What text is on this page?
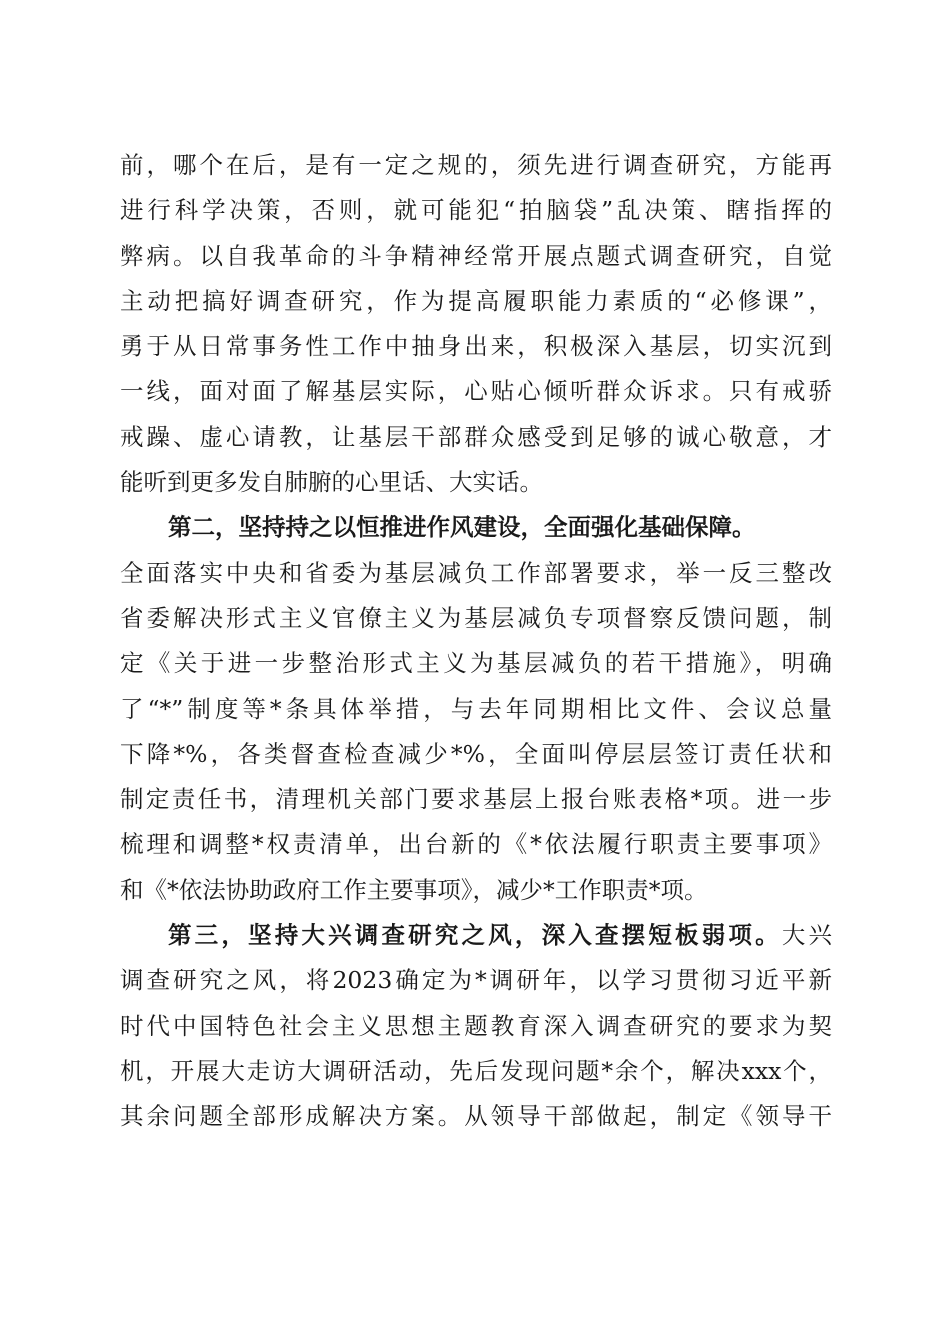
前，哪个在后，是有一定之规的，须先进行调查研究，方能再
进行科学决策，否则，就可能犯“拍脑袋”乱决策、瞎指挥的
弊病。以自我革命的斗争精神经常开展点题式调查研究，自觉
主动把搞好调查研究，作为提高履职能力素质的“必修课”，
勇于从日常事务性工作中抽身出来，积极深入基层，切实沉到
一线，面对面了解基层实际，心贴心倾听群众诉求。只有戒骄
戒躁、虚心请教，让基层干部群众感受到足够的诚心敬意，才
能听到更多发自肺腑的心里话、大实话。
第二，坚持持之以恒推进作风建设，全面强化基础保障。
全面落实中央和省委为基层减负工作部署要求，举一反三整改
省委解决形式主义官僚主义为基层减负专项督察反馈问题，制
定《关于进一步整治形式主义为基层减负的若干措施》，明确
了“*”制度等*条具体举措，与去年同期相比文件、会议总量
下降*%，各类督查检查减少*%，全面叫停层层签订责任状和
制定责任书，清理机关部门要求基层上报台账表格*项。进一步
梳理和调整*权责清单，出台新的《*依法履行职责主要事项》
和《*依法协助政府工作主要事项》，减少*工作职责*项。
第三，坚持大兴调查研究之风，深入查摆短板弱项。大兴
调查研究之风，将2023确定为*调研年，以学习贯彻习近平新
时代中国特色社会主义思想主题教育深入调查研究的要求为契
机，开展大走访大调研活动，先后发现问题*余个，解决xxx个，
其余问题全部形成解决方案。从领导干部做起，制定《领导干
